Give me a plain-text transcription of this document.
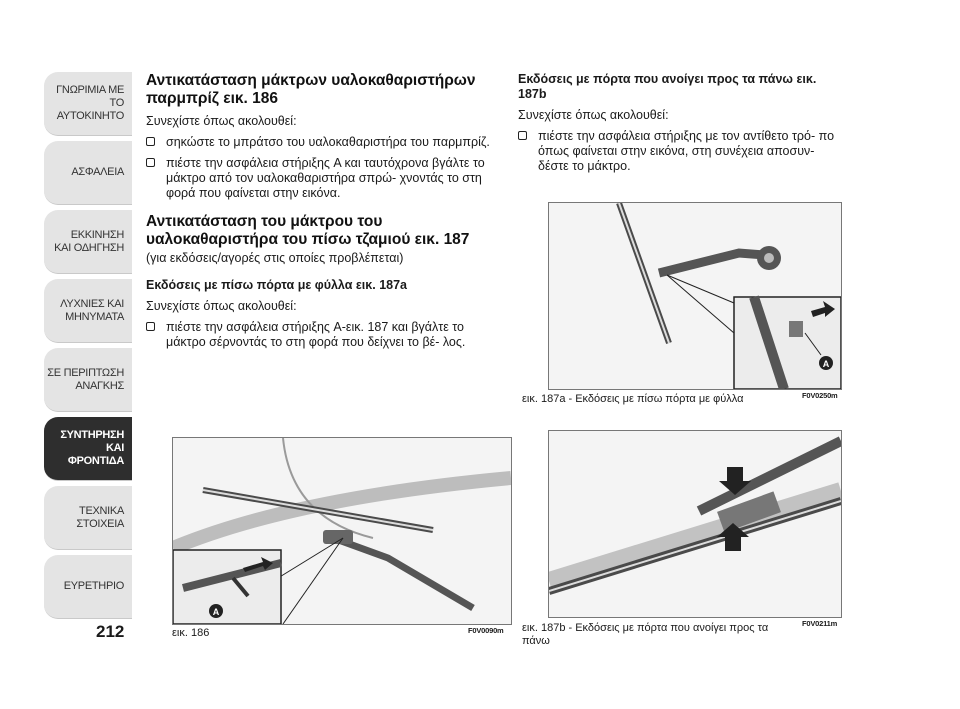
ΓΝΩΡΙΜΙΑ ΜΕ
ΤΟ ΑΥΤΟΚΙΝΗΤΟ
ΑΣΦΑΛΕΙΑ
ΕΚΚΙΝΗΣΗ
ΚΑΙ ΟΔΗΓΗΣΗ
ΛΥΧΝΙΕΣ ΚΑΙ
ΜΗΝΥΜΑΤΑ
ΣΕ ΠΕΡΙΠΤΩΣΗ
ΑΝΑΓΚΗΣ
ΣΥΝΤΗΡΗΣΗ ΚΑΙ
ΦΡΟΝΤΙΔΑ
ΤΕΧΝΙΚΑ
ΣΤΟΙΧΕΙΑ
ΕΥΡΕΤΗΡΙΟ
212
Αντικατάσταση μάκτρων υαλοκαθαριστήρων παρμπρίζ εικ. 186

Συνεχίστε όπως ακολουθεί:

σηκώστε το μπράτσο του υαλοκαθαριστήρα του παρμπρίζ.

πιέστε την ασφάλεια στήριξης A και ταυτόχρονα βγάλτε το μάκτρο από τον υαλοκαθαριστήρα σπρώ- χνοντάς το στη φορά που φαίνεται στην εικόνα.

Αντικατάσταση του μάκτρου του υαλοκαθαριστήρα του πίσω τζαμιού εικ. 187

(για εκδόσεις/αγορές στις οποίες προβλέπεται)

Εκδόσεις με πίσω πόρτα με φύλλα εικ. 187a

Συνεχίστε όπως ακολουθεί:

πιέστε την ασφάλεια στήριξης A-εικ. 187 και βγάλτε το μάκτρο σέρνοντάς το στη φορά που δείχνει το βέ- λος.

Εκδόσεις με πόρτα που ανοίγει προς τα πάνω εικ. 187b

Συνεχίστε όπως ακολουθεί:

πιέστε την ασφάλεια στήριξης με τον αντίθετο τρό- πο όπως φαίνεται στην εικόνα, στη συνέχεια αποσυν- δέστε το μάκτρο.

A
εικ. 186	F0V0090m
A
εικ. 187a - Εκδόσεις με πίσω πόρτα με φύλλα	F0V0250m
εικ. 187b - Εκδόσεις με πόρτα που ανοίγει προς τα πάνω
F0V0211m
